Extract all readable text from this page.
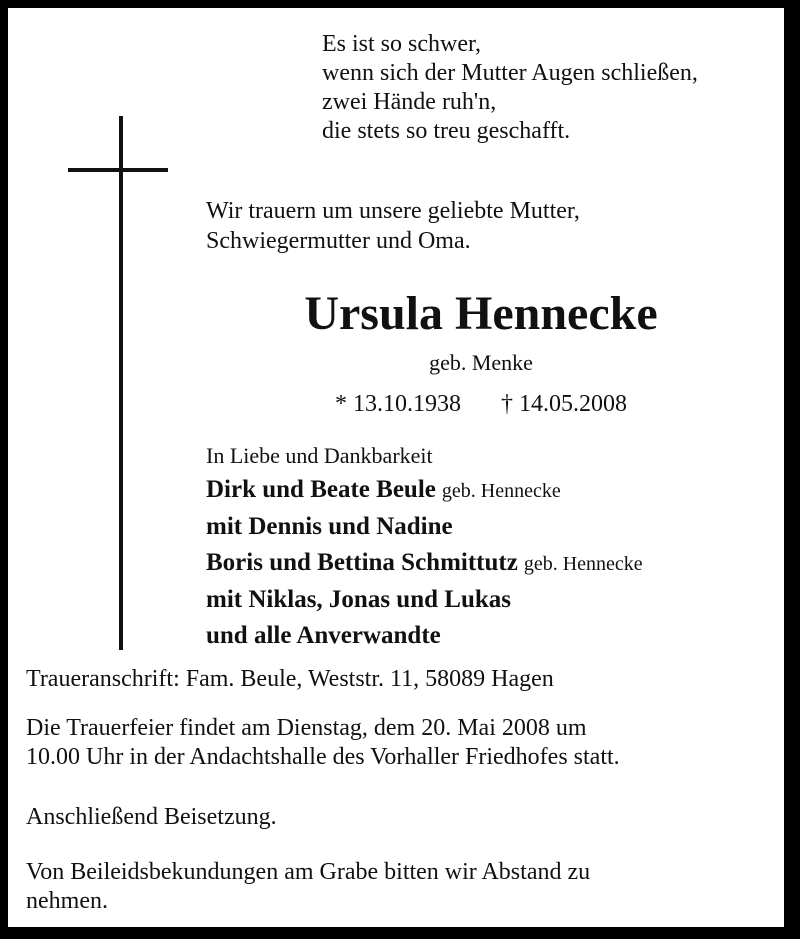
Es ist so schwer,
wenn sich der Mutter Augen schließen,
zwei Hände ruh'n,
die stets so treu geschafft.
Wir trauern um unsere geliebte Mutter,
Schwiegermutter und Oma.
Ursula Hennecke
geb. Menke
* 13.10.1938 † 14.05.2008
In Liebe und Dankbarkeit
Dirk und Beate Beule geb. Hennecke
mit Dennis und Nadine
Boris und Bettina Schmittutz geb. Hennecke
mit Niklas, Jonas und Lukas
und alle Anverwandte
Traueranschrift: Fam. Beule, Weststr. 11, 58089 Hagen
Die Trauerfeier findet am Dienstag, dem 20. Mai 2008 um
10.00 Uhr in der Andachtshalle des Vorhaller Friedhofes statt.
Anschließend Beisetzung.
Von Beileidsbekundungen am Grabe bitten wir Abstand zu
nehmen.
